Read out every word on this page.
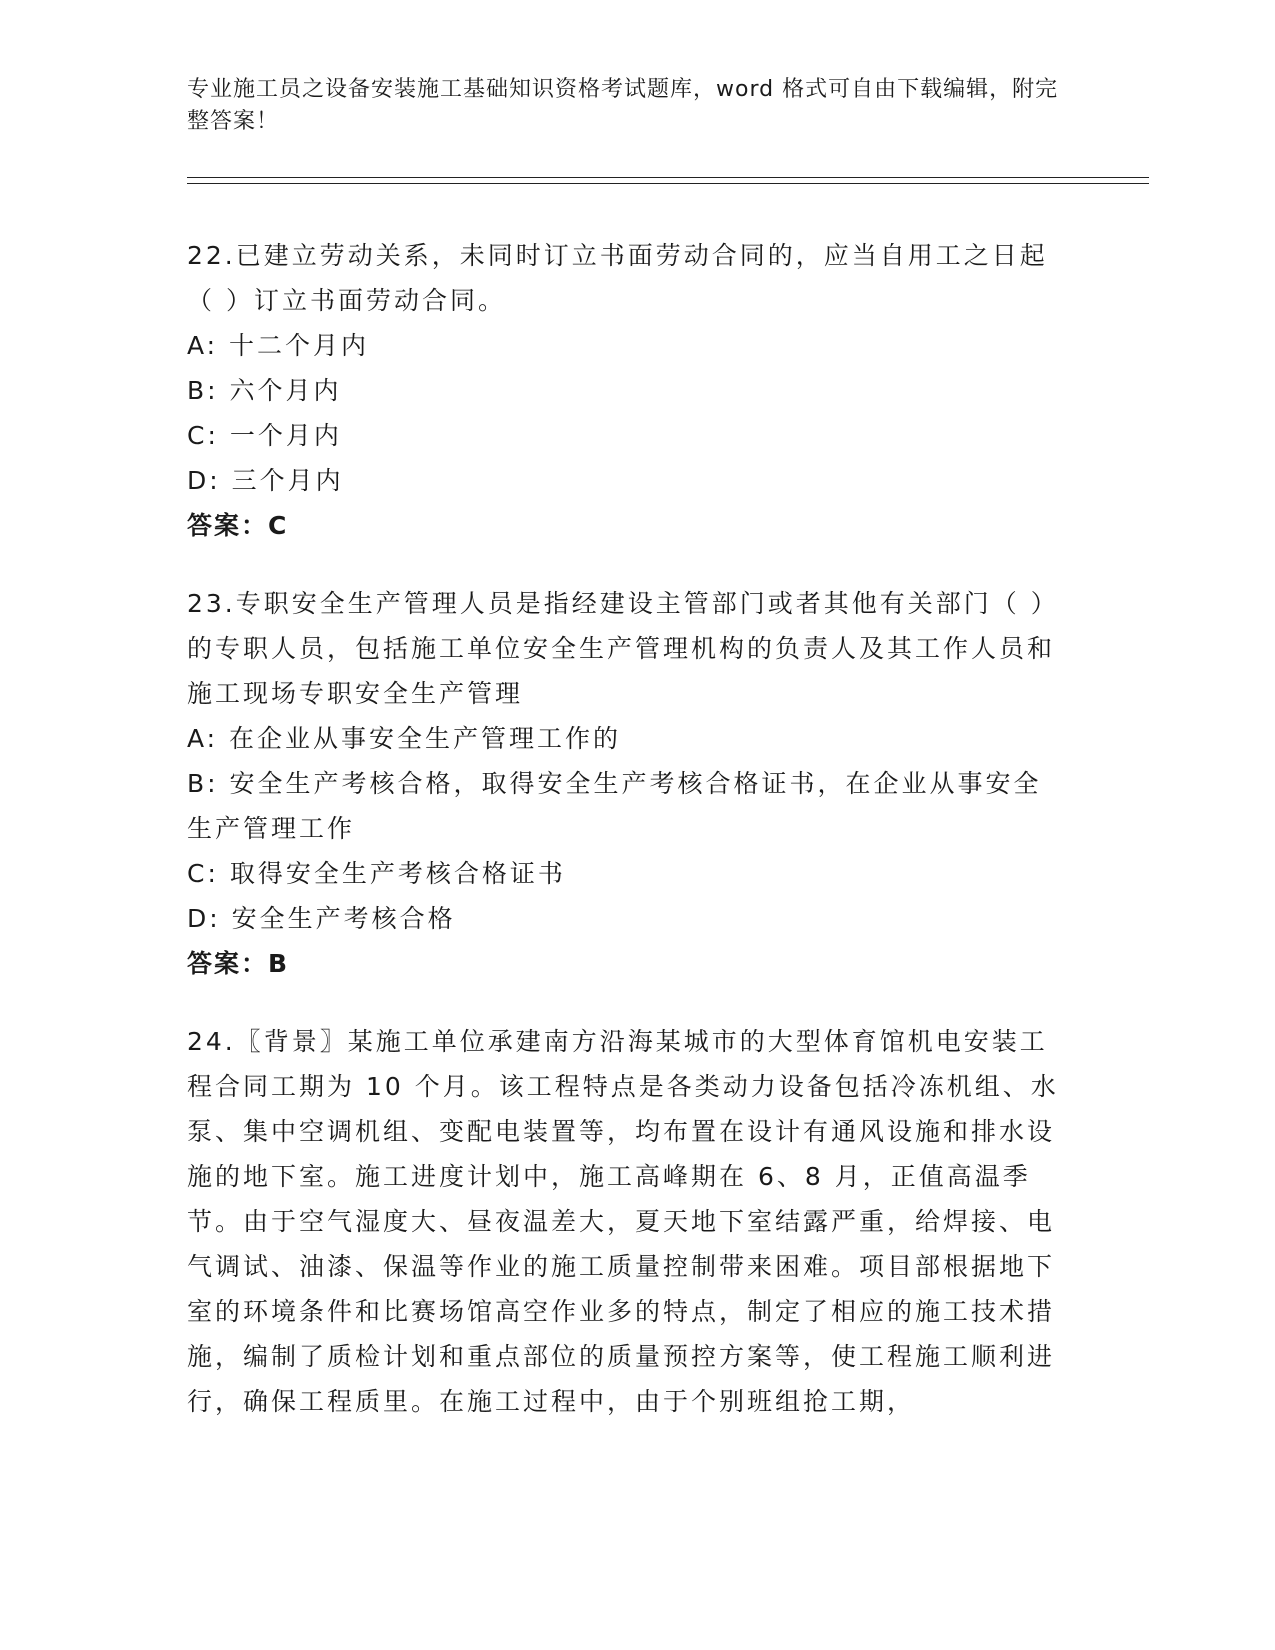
专业施工员之设备安装施工基础知识资格考试题库，word 格式可自由下载编辑，附完整答案！

22.已建立劳动关系，未同时订立书面劳动合同的，应当自用工之日起（ ）订立书面劳动合同。

A: 十二个月内

B: 六个月内

C: 一个月内

D: 三个月内

答案：C

23.专职安全生产管理人员是指经建设主管部门或者其他有关部门（ ）的专职人员，包括施工单位安全生产管理机构的负责人及其工作人员和施工现场专职安全生产管理

A: 在企业从事安全生产管理工作的

B: 安全生产考核合格，取得安全生产考核合格证书，在企业从事安全生产管理工作

C: 取得安全生产考核合格证书

D: 安全生产考核合格

答案：B

24.〖背景〗某施工单位承建南方沿海某城市的大型体育馆机电安装工程合同工期为 10 个月。该工程特点是各类动力设备包括冷冻机组、水泵、集中空调机组、变配电装置等，均布置在设计有通风设施和排水设施的地下室。施工进度计划中，施工高峰期在 6、8 月，正值高温季节。由于空气湿度大、昼夜温差大，夏天地下室结露严重，给焊接、电气调试、油漆、保温等作业的施工质量控制带来困难。项目部根据地下室的环境条件和比赛场馆高空作业多的特点，制定了相应的施工技术措施，编制了质检计划和重点部位的质量预控方案等，使工程施工顺利进行，确保工程质里。在施工过程中，由于个别班组抢工期，
